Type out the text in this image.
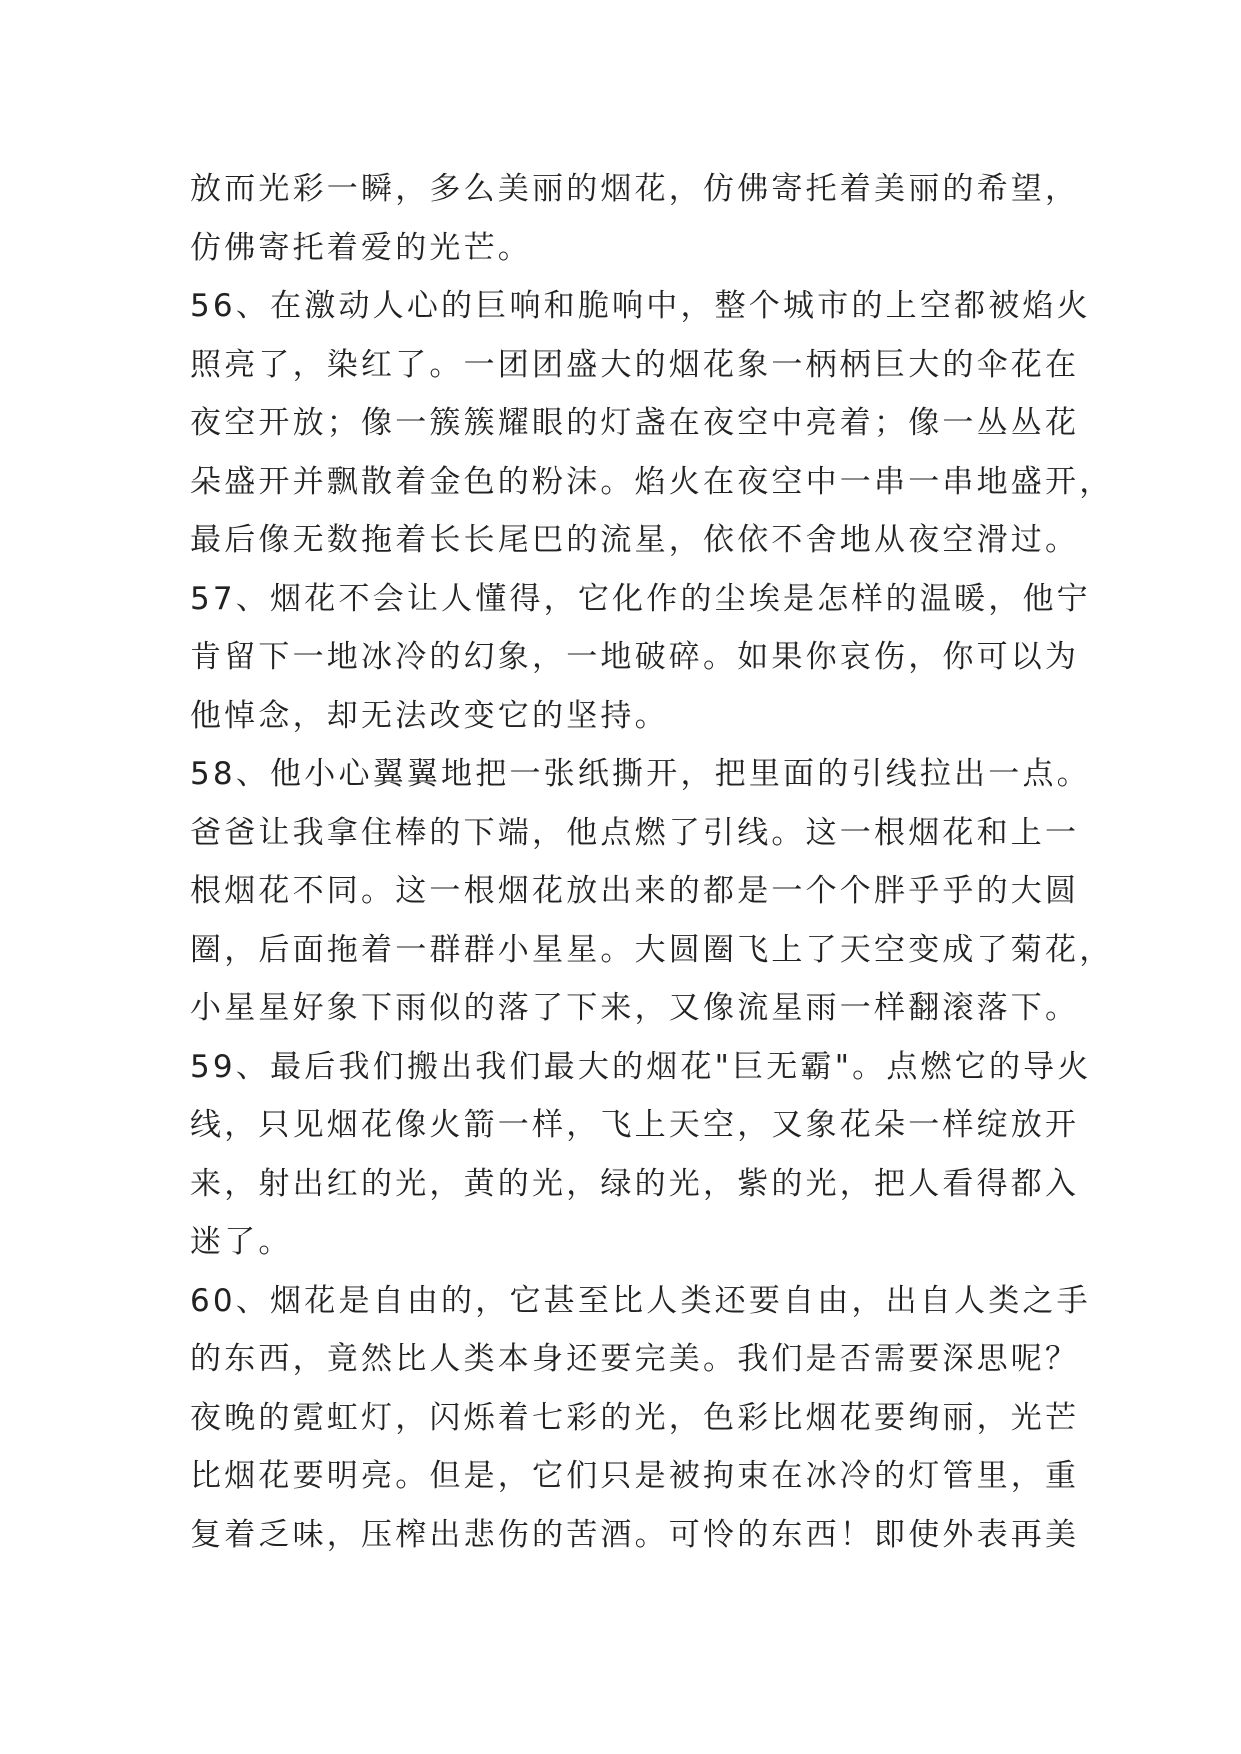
放而光彩一瞬，多么美丽的烟花，仿佛寄托着美丽的希望，
仿佛寄托着爱的光芒。
56、在激动人心的巨响和脆响中，整个城市的上空都被焰火
照亮了，染红了。一团团盛大的烟花象一柄柄巨大的伞花在
夜空开放；像一簇簇耀眼的灯盏在夜空中亮着；像一丛丛花
朵盛开并飘散着金色的粉沫。焰火在夜空中一串一串地盛开，
最后像无数拖着长长尾巴的流星，依依不舍地从夜空滑过。
57、烟花不会让人懂得，它化作的尘埃是怎样的温暖，他宁
肯留下一地冰冷的幻象，一地破碎。如果你哀伤，你可以为
他悼念，却无法改变它的坚持。
58、他小心翼翼地把一张纸撕开，把里面的引线拉出一点。
爸爸让我拿住棒的下端，他点燃了引线。这一根烟花和上一
根烟花不同。这一根烟花放出来的都是一个个胖乎乎的大圆
圈，后面拖着一群群小星星。大圆圈飞上了天空变成了菊花，
小星星好象下雨似的落了下来，又像流星雨一样翻滚落下。
59、最后我们搬出我们最大的烟花"巨无霸"。点燃它的导火
线，只见烟花像火箭一样，飞上天空，又象花朵一样绽放开
来，射出红的光，黄的光，绿的光，紫的光，把人看得都入
迷了。
60、烟花是自由的，它甚至比人类还要自由，出自人类之手
的东西，竟然比人类本身还要完美。我们是否需要深思呢？
夜晚的霓虹灯，闪烁着七彩的光，色彩比烟花要绚丽，光芒
比烟花要明亮。但是，它们只是被拘束在冰冷的灯管里，重
复着乏味，压榨出悲伤的苦酒。可怜的东西！即使外表再美
